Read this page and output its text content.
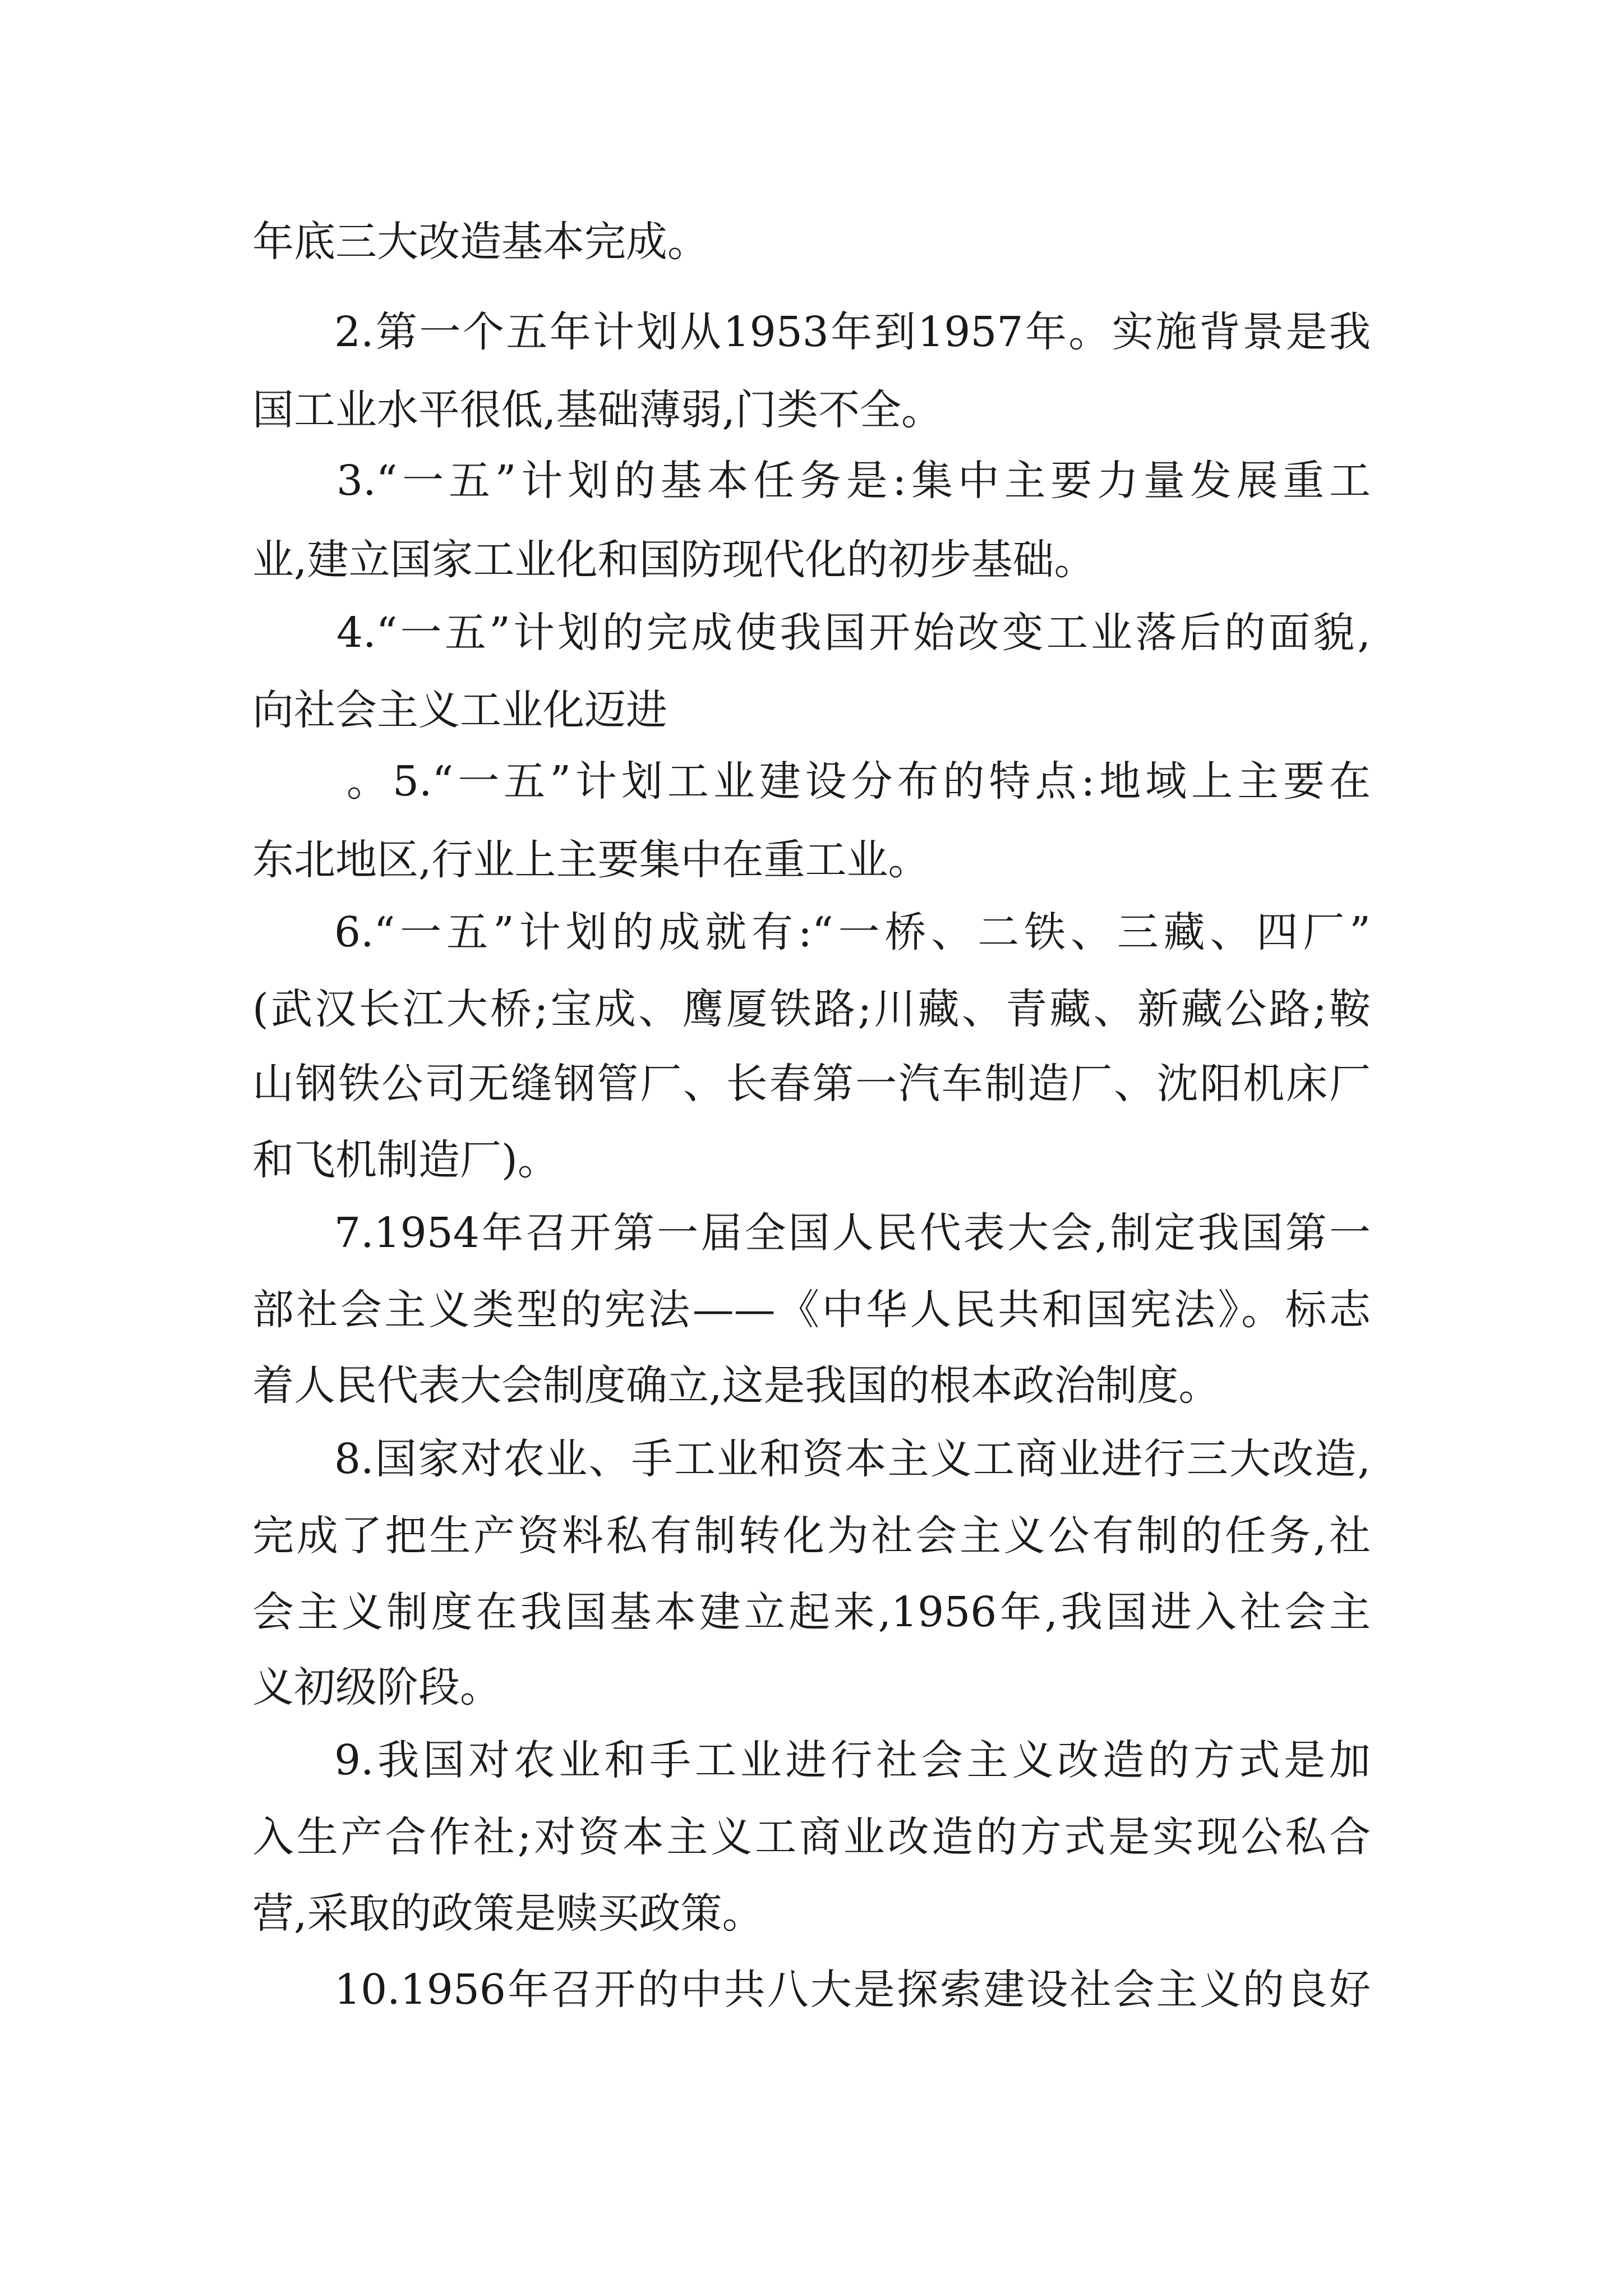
年底三大改造基本完成。

2.第一个五年计划从1953年到1957年。实施背景是我

国工业水平很低,基础薄弱,门类不全。

3.“一五”计划的基本任务是:集中主要力量发展重工

业,建立国家工业化和国防现代化的初步基础。

4.“一五”计划的完成使我国开始改变工业落后的面貌,

向社会主义工业化迈进

。5.“一五”计划工业建设分布的特点:地域上主要在

东北地区,行业上主要集中在重工业。

6.“一五”计划的成就有:“一桥、二铁、三藏、四厂”

(武汉长江大桥;宝成、鹰厦铁路;川藏、青藏、新藏公路;鞍

山钢铁公司无缝钢管厂、长春第一汽车制造厂、沈阳机床厂

和飞机制造厂)。

7.1954年召开第一届全国人民代表大会,制定我国第一

部社会主义类型的宪法——《中华人民共和国宪法》。标志

着人民代表大会制度确立,这是我国的根本政治制度。

8.国家对农业、手工业和资本主义工商业进行三大改造,

完成了把生产资料私有制转化为社会主义公有制的任务,社

会主义制度在我国基本建立起来,1956年,我国进入社会主

义初级阶段。

9.我国对农业和手工业进行社会主义改造的方式是加

入生产合作社;对资本主义工商业改造的方式是实现公私合

营,采取的政策是赎买政策。

10.1956年召开的中共八大是探索建设社会主义的良好
